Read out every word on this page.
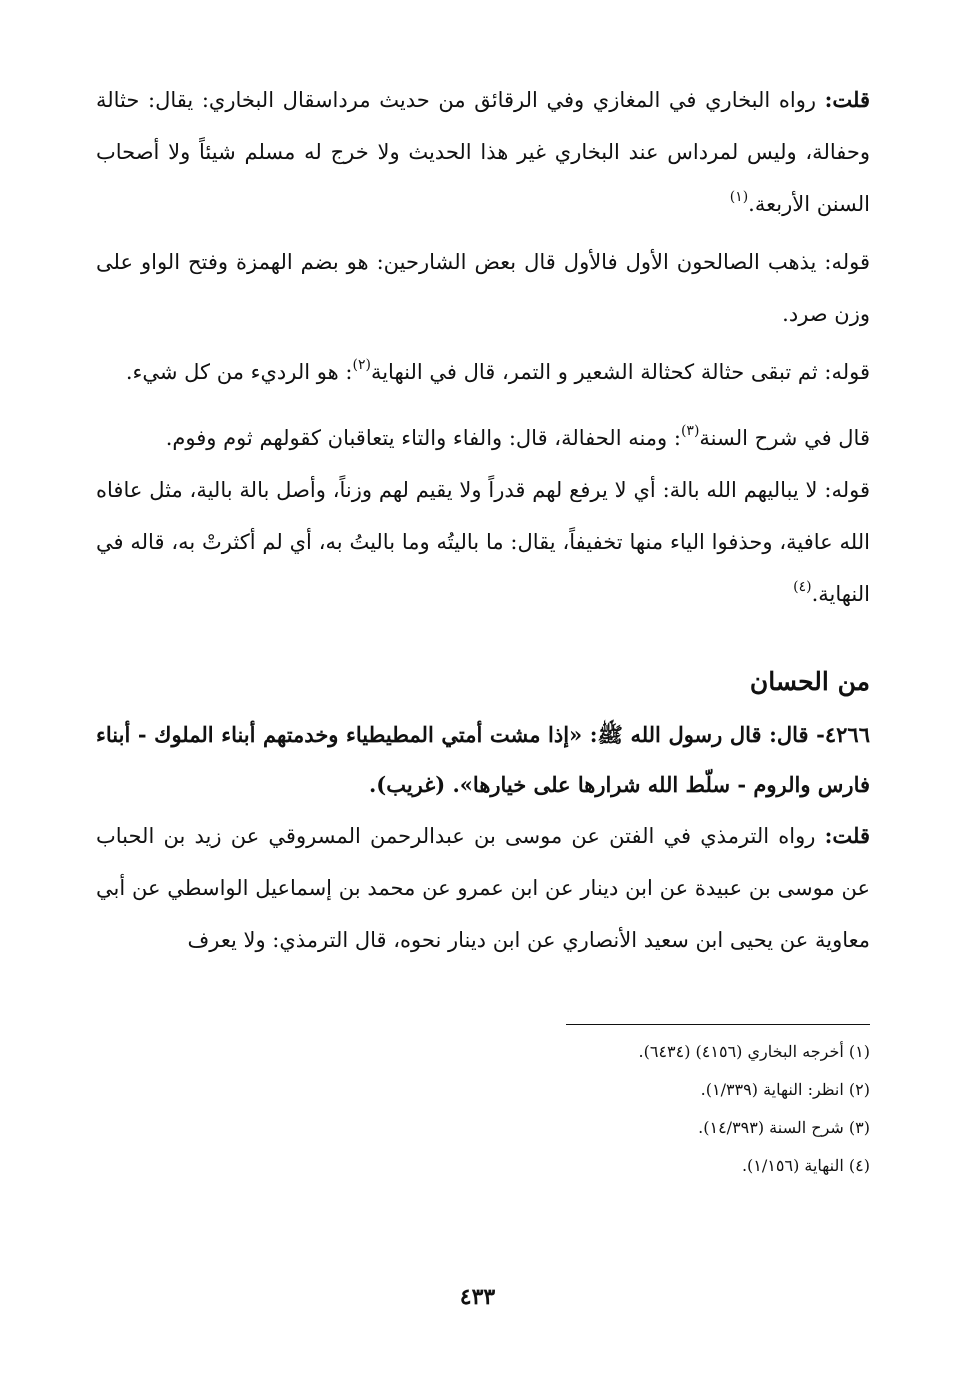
قلت: رواه البخاري في المغازي وفي الرقائق من حديث مرداسقال البخاري: يقال: حثالة وحفالة، وليس لمرداس عند البخاري غير هذا الحديث ولا خرج له مسلم شيئاً ولا أصحاب السنن الأربعة.$^{(١)}$

قوله: يذهب الصالحون الأول فالأول قال بعض الشارحين: هو بضم الهمزة وفتح الواو على وزن صرد.

قوله: ثم تبقى حثالة كحثالة الشعير و التمر، قال في النهاية$^{(٢)}$: هو الرديء من كل شيء.

قال في شرح السنة$^{(٣)}$: ومنه الحفالة، قال: والفاء والتاء يتعاقبان كقولهم ثوم وفوم.

قوله: لا يباليهم الله بالة: أي لا يرفع لهم قدراً ولا يقيم لهم وزناً، وأصل بالة بالية، مثل عافاه الله عافية، وحذفوا الياء منها تخفيفاً، يقال: ما باليتُه وما باليتُ به، أي لم أكثرتْ به، قاله في النهاية.$^{(٤)}$

من الحسان
٤٢٦٦- قال: قال رسول الله ﷺ: «إذا مشت أمتي المطيطياء وخدمتهم أبناء الملوك - أبناء فارس والروم - سلّط الله شرارها على خيارها». (غريب).

قلت: رواه الترمذي في الفتن عن موسى بن عبدالرحمن المسروقي عن زيد بن الحباب عن موسى بن عبيدة عن ابن دينار عن ابن عمرو عن محمد بن إسماعيل الواسطي عن أبي معاوية عن يحيى ابن سعيد الأنصاري عن ابن دينار نحوه، قال الترمذي: ولا يعرف

(١) أخرجه البخاري (٤١٥٦) (٦٤٣٤).

(٢) انظر: النهاية (١/٣٣٩).

(٣) شرح السنة (١٤/٣٩٣).

(٤) النهاية (١/١٥٦).

٤٣٣
